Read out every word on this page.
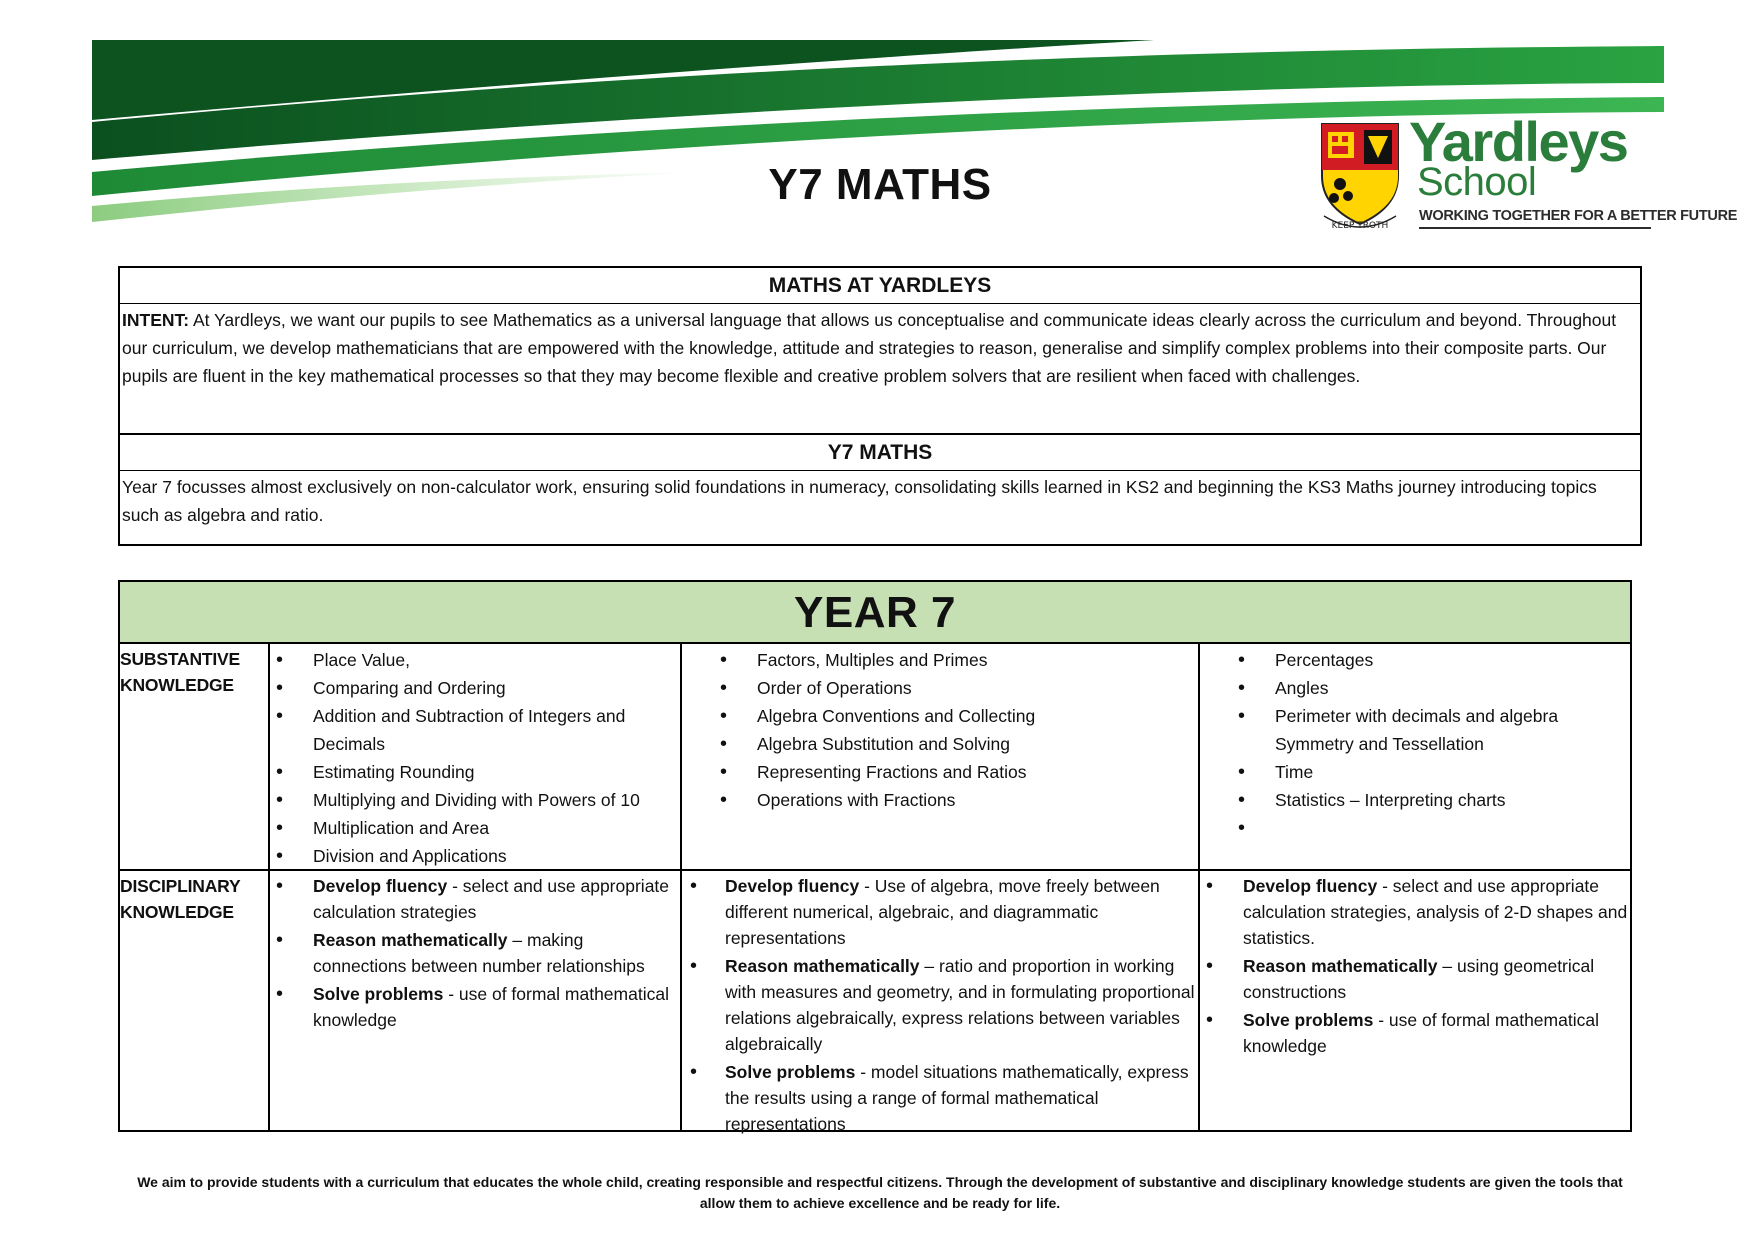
Y7 MATHS
KEEP TROTH
Yardleys
School
WORKING TOGETHER FOR A BETTER FUTURE
MATHS AT YARDLEYS
INTENT: At Yardleys, we want our pupils to see Mathematics as a universal language that allows us conceptualise and communicate ideas clearly across the curriculum and beyond. Throughout our curriculum, we develop mathematicians that are empowered with the knowledge, attitude and strategies to reason, generalise and simplify complex problems into their composite parts. Our pupils are fluent in the key mathematical processes so that they may become flexible and creative problem solvers that are resilient when faced with challenges.
Y7 MATHS
Year 7 focusses almost exclusively on non-calculator work, ensuring solid foundations in numeracy, consolidating skills learned in KS2 and beginning the KS3 Maths journey introducing topics such as algebra and ratio.
YEAR 7
SUBSTANTIVE KNOWLEDGE
• Place Value,
• Comparing and Ordering
• Addition and Subtraction of Integers and Decimals
• Estimating Rounding
• Multiplying and Dividing with Powers of 10
• Multiplication and Area
• Division and Applications
• Factors, Multiples and Primes
• Order of Operations
• Algebra Conventions and Collecting
• Algebra Substitution and Solving
• Representing Fractions and Ratios
• Operations with Fractions
• Percentages
• Angles
• Perimeter with decimals and algebra Symmetry and Tessellation
• Time
• Statistics – Interpreting charts
DISCIPLINARY KNOWLEDGE
• Develop fluency - select and use appropriate calculation strategies
• Reason mathematically – making connections between number relationships
• Solve problems - use of formal mathematical knowledge
• Develop fluency - Use of algebra, move freely between different numerical, algebraic, and diagrammatic representations
• Reason mathematically – ratio and proportion in working with measures and geometry, and in formulating proportional relations algebraically, express relations between variables algebraically
• Solve problems - model situations mathematically, express the results using a range of formal mathematical representations
• Develop fluency - select and use appropriate calculation strategies, analysis of 2-D shapes and statistics.
• Reason mathematically – using geometrical constructions
• Solve problems - use of formal mathematical knowledge
We aim to provide students with a curriculum that educates the whole child, creating responsible and respectful citizens. Through the development of substantive and disciplinary knowledge students are given the tools that allow them to achieve excellence and be ready for life.
